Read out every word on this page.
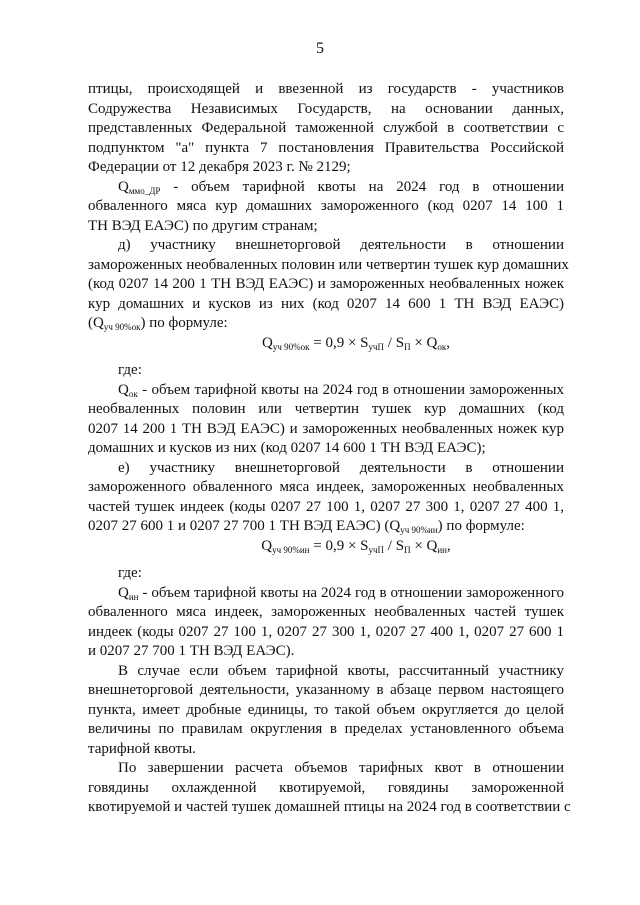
5
птицы, происходящей и ввезенной из государств - участников
Содружества Независимых Государств, на основании данных,
представленных Федеральной таможенной службой в соответствии с
подпунктом "а" пункта 7 постановления Правительства Российской
Федерации от 12 декабря 2023 г. № 2129;
$Q_{ммо\_ДР}$ - объем тарифной квоты на 2024 год в отношении
обваленного мяса кур домашних замороженного (код 0207 14 100 1
ТН ВЭД ЕАЭС) по другим странам;
д) участнику внешнеторговой деятельности в отношении
замороженных необваленных половин или четвертин тушек кур домашних
(код 0207 14 200 1 ТН ВЭД ЕАЭС) и замороженных необваленных ножек
кур домашних и кусков из них (код 0207 14 600 1 ТН ВЭД ЕАЭС)
$(Q_{уч 90\%ок})$ по формуле:
$Q_{уч 90\%ок} = 0,9 \times S_{учП} / S_П \times Q_{ок}$,
где:
$Q_{ок}$ - объем тарифной квоты на 2024 год в отношении замороженных
необваленных половин или четвертин тушек кур домашних (код
0207 14 200 1 ТН ВЭД ЕАЭС) и замороженных необваленных ножек кур
домашних и кусков из них (код 0207 14 600 1 ТН ВЭД ЕАЭС);
е) участнику внешнеторговой деятельности в отношении
замороженного обваленного мяса индеек, замороженных необваленных
частей тушек индеек (коды 0207 27 100 1, 0207 27 300 1, 0207 27 400 1,
0207 27 600 1 и 0207 27 700 1 ТН ВЭД ЕАЭС) $(Q_{уч 90\%ин})$ по формуле:
$Q_{уч 90\%ин} = 0,9 \times S_{учП} / S_П \times Q_{ин}$,
где:
$Q_{ин}$ - объем тарифной квоты на 2024 год в отношении замороженного
обваленного мяса индеек, замороженных необваленных частей тушек
индеек (коды 0207 27 100 1, 0207 27 300 1, 0207 27 400 1, 0207 27 600 1
и 0207 27 700 1 ТН ВЭД ЕАЭС).
В случае если объем тарифной квоты, рассчитанный участнику
внешнеторговой деятельности, указанному в абзаце первом настоящего
пункта, имеет дробные единицы, то такой объем округляется до целой
величины по правилам округления в пределах установленного объема
тарифной квоты.
По завершении расчета объемов тарифных квот в отношении
говядины охлажденной квотируемой, говядины замороженной
квотируемой и частей тушек домашней птицы на 2024 год в соответствии с
